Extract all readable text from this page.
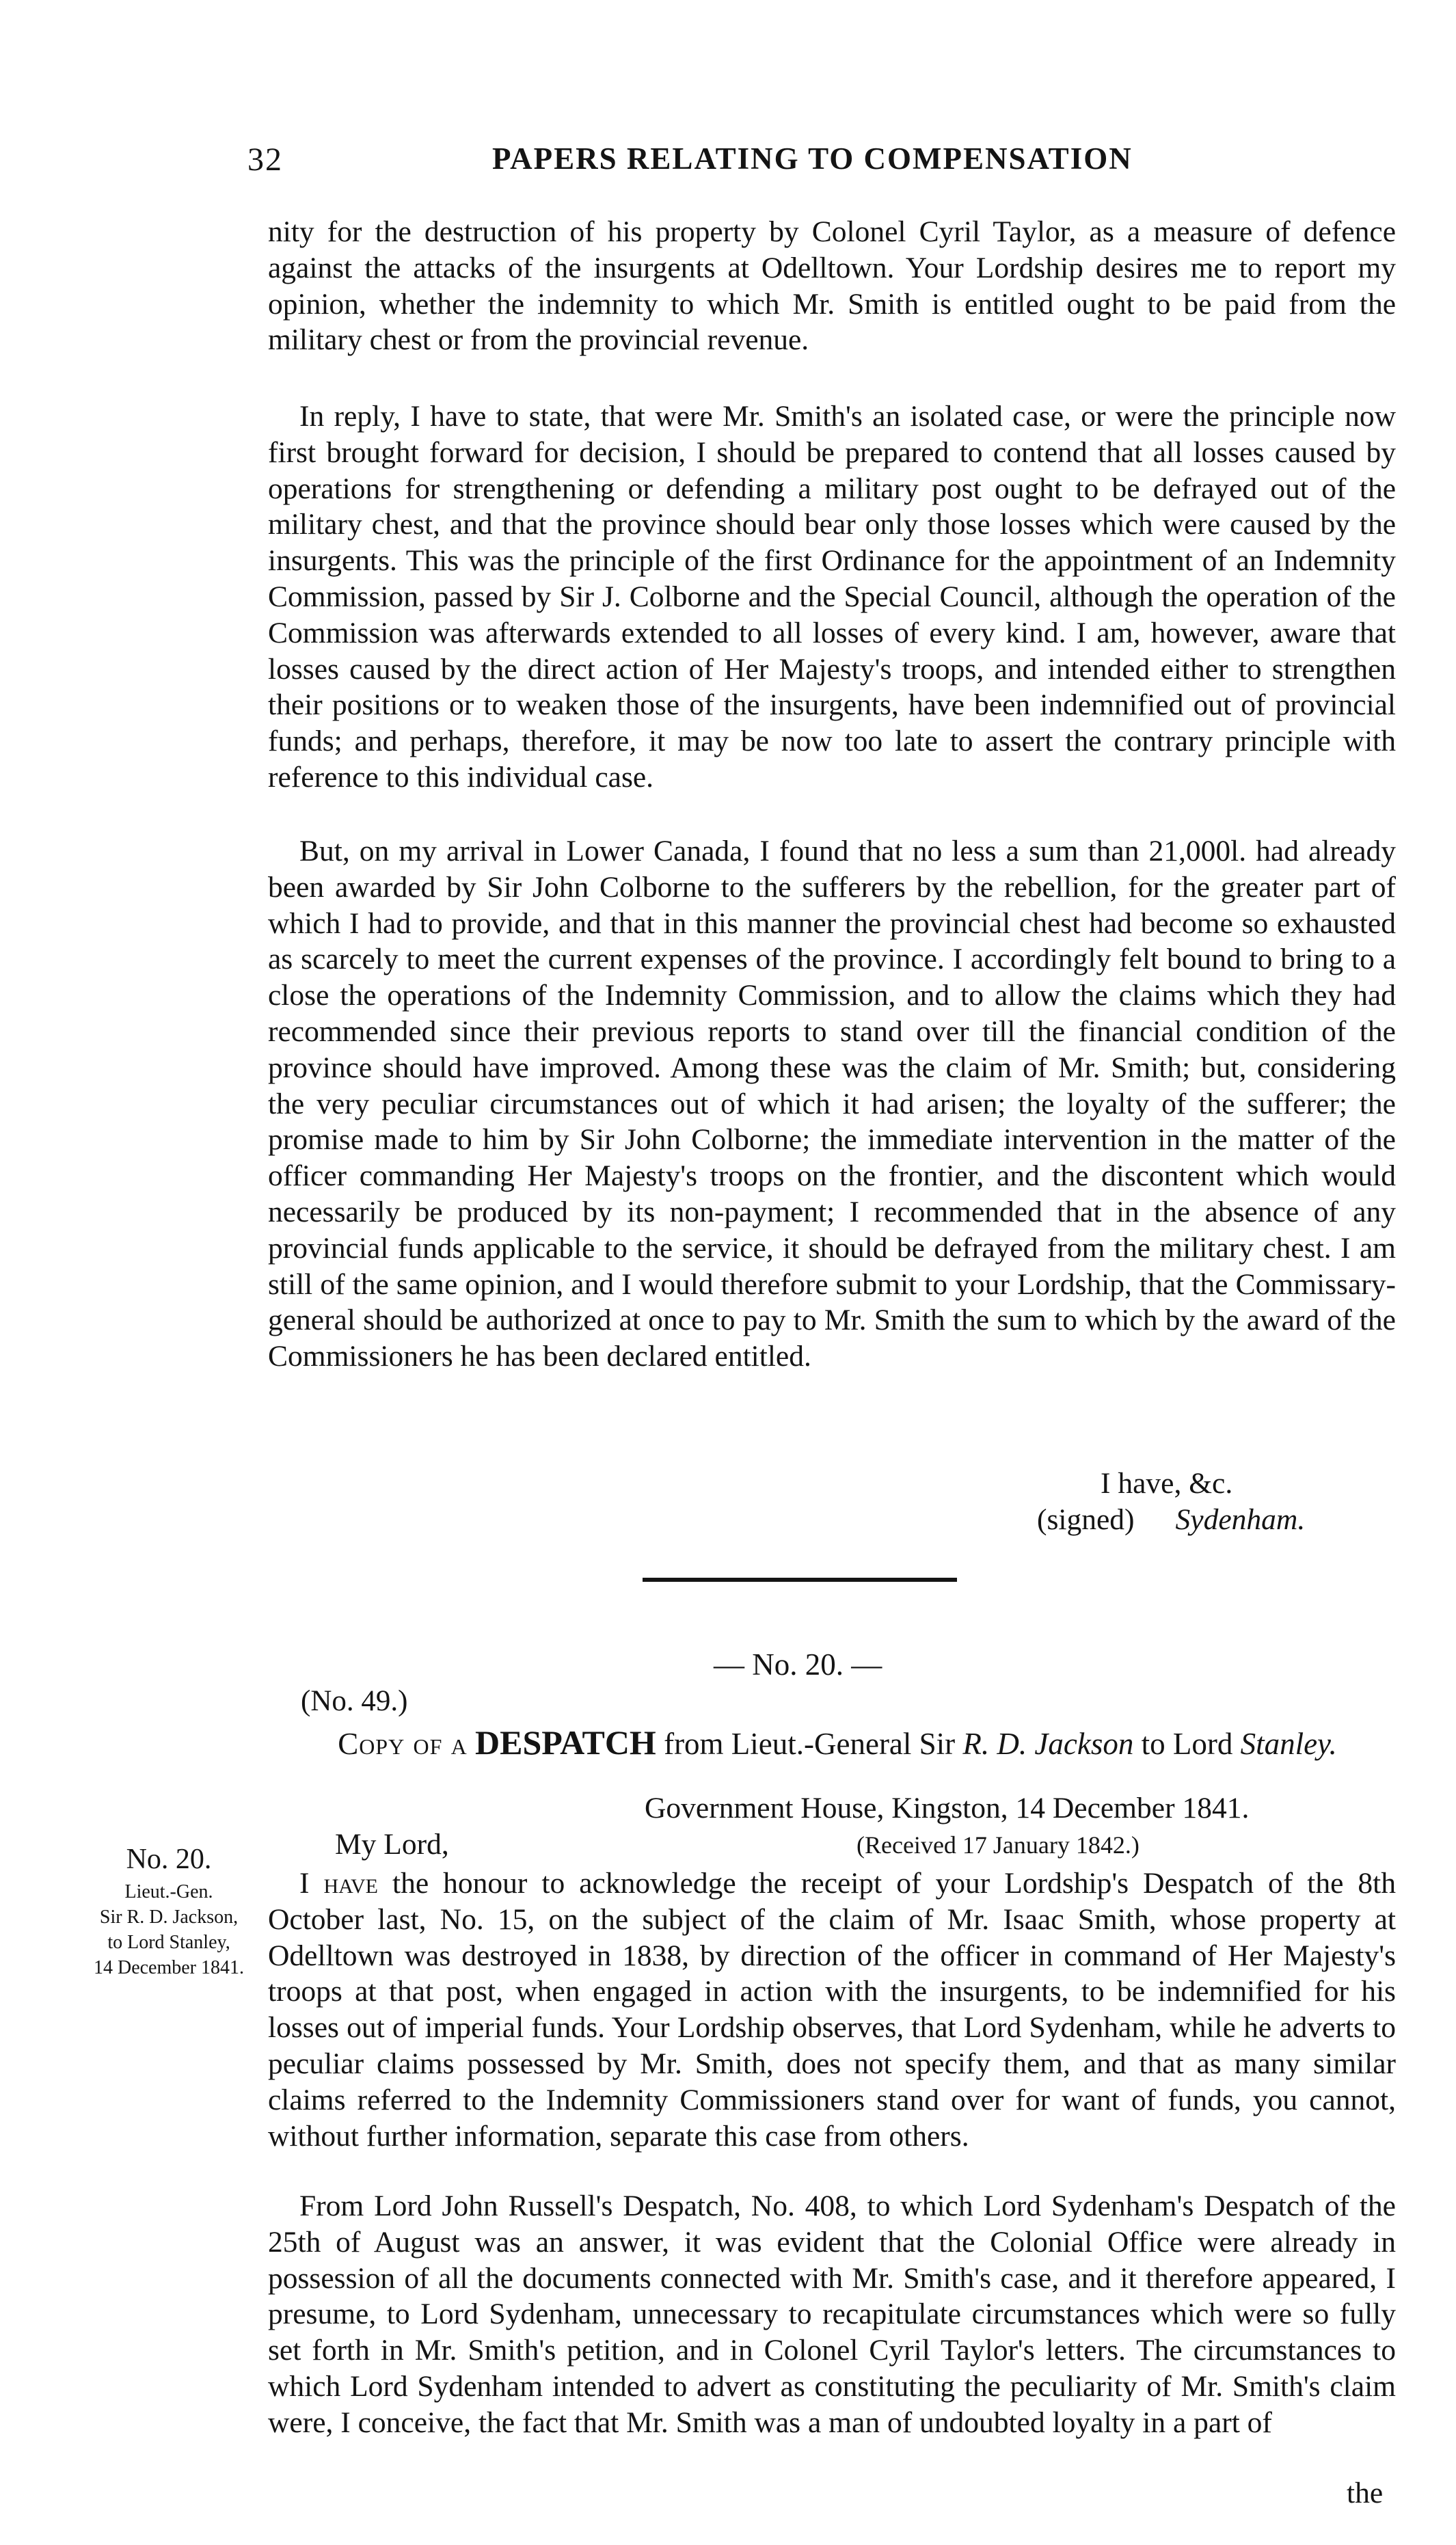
32	PAPERS RELATING TO COMPENSATION

nity for the destruction of his property by Colonel Cyril Taylor, as a measure of defence against the attacks of the insurgents at Odelltown. Your Lordship desires me to report my opinion, whether the indemnity to which Mr. Smith is entitled ought to be paid from the military chest or from the provincial revenue.

In reply, I have to state, that were Mr. Smith's an isolated case, or were the principle now first brought forward for decision, I should be prepared to contend that all losses caused by operations for strengthening or defending a military post ought to be defrayed out of the military chest, and that the province should bear only those losses which were caused by the insurgents. This was the principle of the first Ordinance for the appointment of an Indemnity Commission, passed by Sir J. Colborne and the Special Council, although the operation of the Commission was afterwards extended to all losses of every kind. I am, however, aware that losses caused by the direct action of Her Majesty's troops, and intended either to strengthen their positions or to weaken those of the insurgents, have been indemnified out of provincial funds; and perhaps, therefore, it may be now too late to assert the contrary principle with reference to this individual case.

But, on my arrival in Lower Canada, I found that no less a sum than 21,000l. had already been awarded by Sir John Colborne to the sufferers by the rebellion, for the greater part of which I had to provide, and that in this manner the provincial chest had become so exhausted as scarcely to meet the current expenses of the province. I accordingly felt bound to bring to a close the operations of the Indemnity Commission, and to allow the claims which they had recommended since their previous reports to stand over till the financial condition of the province should have improved. Among these was the claim of Mr. Smith; but, considering the very peculiar circumstances out of which it had arisen; the loyalty of the sufferer; the promise made to him by Sir John Colborne; the immediate intervention in the matter of the officer commanding Her Majesty's troops on the frontier, and the discontent which would necessarily be produced by its non-payment; I recommended that in the absence of any provincial funds applicable to the service, it should be defrayed from the military chest. I am still of the same opinion, and I would therefore submit to your Lordship, that the Commissary-general should be authorized at once to pay to Mr. Smith the sum to which by the award of the Commissioners he has been declared entitled.

I have, &c.
(signed) Sydenham.
— No. 20. —
(No. 49.)
Copy of a DESPATCH from Lieut.-General Sir R. D. Jackson to Lord Stanley.
Government House, Kingston, 14 December 1841.
My Lord,	(Received 17 January 1842.)
No. 20.
Lieut.-Gen.
Sir R. D. Jackson,
to Lord Stanley,
14 December 1841.

I have the honour to acknowledge the receipt of your Lordship's Despatch of the 8th October last, No. 15, on the subject of the claim of Mr. Isaac Smith, whose property at Odelltown was destroyed in 1838, by direction of the officer in command of Her Majesty's troops at that post, when engaged in action with the insurgents, to be indemnified for his losses out of imperial funds. Your Lordship observes, that Lord Sydenham, while he adverts to peculiar claims possessed by Mr. Smith, does not specify them, and that as many similar claims referred to the Indemnity Commissioners stand over for want of funds, you cannot, without further information, separate this case from others.

From Lord John Russell's Despatch, No. 408, to which Lord Sydenham's Despatch of the 25th of August was an answer, it was evident that the Colonial Office were already in possession of all the documents connected with Mr. Smith's case, and it therefore appeared, I presume, to Lord Sydenham, unnecessary to recapitulate circumstances which were so fully set forth in Mr. Smith's petition, and in Colonel Cyril Taylor's letters. The circumstances to which Lord Sydenham intended to advert as constituting the peculiarity of Mr. Smith's claim were, I conceive, the fact that Mr. Smith was a man of undoubted loyalty in a part of

the
